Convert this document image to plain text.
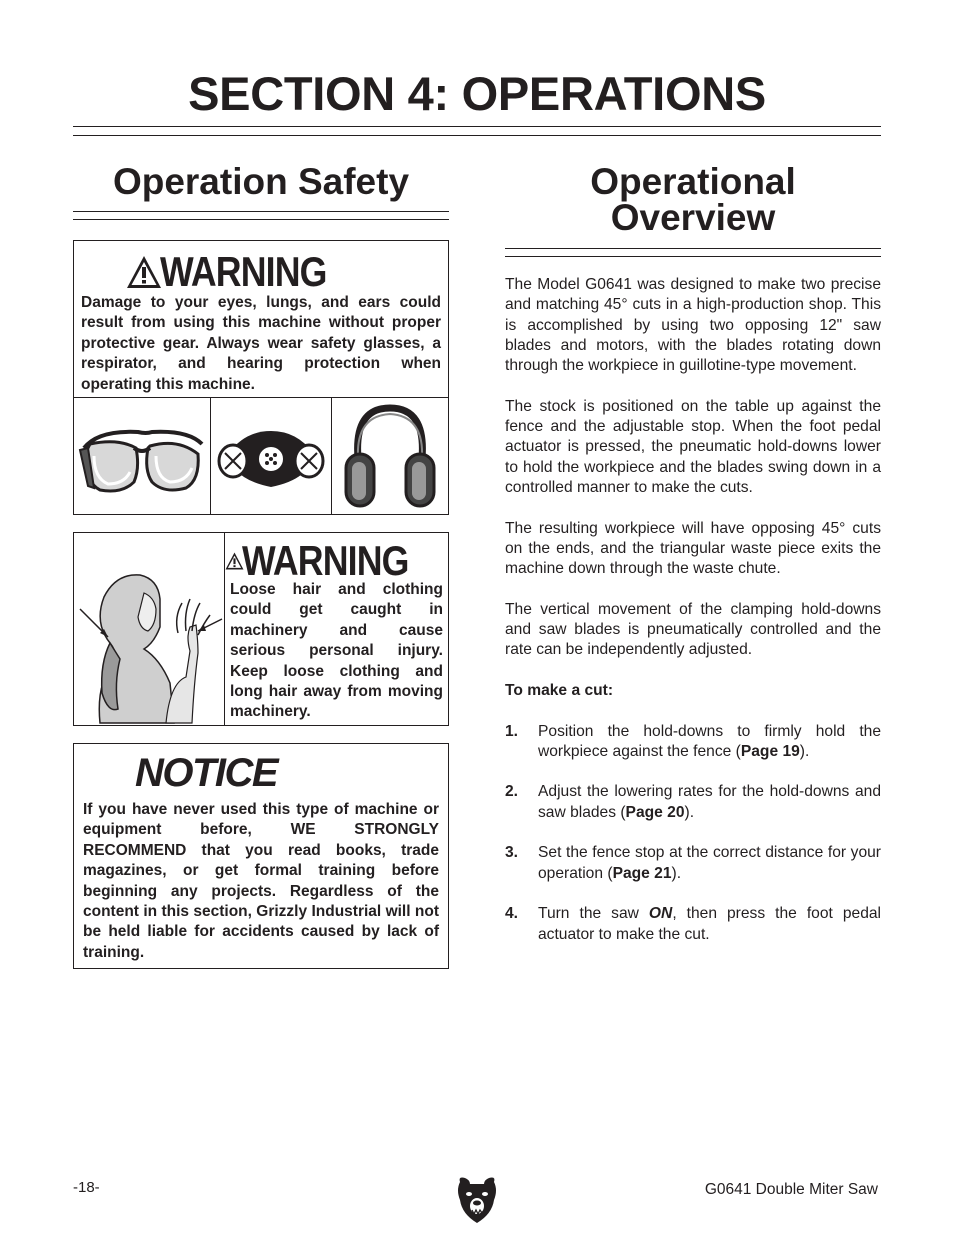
SECTION 4: OPERATIONS
Operation Safety	Operational
Overview
WARNING
Damage to your eyes, lungs, and ears could result from using this machine without proper protective gear. Always wear safety glasses, a respirator, and hearing protection when operating this machine.
WARNING
Loose hair and clothing could get caught in machinery and cause serious personal injury. Keep loose clothing and long hair away from moving machinery.
NOTICE
If you have never used this type of machine or equipment before, WE STRONGLY RECOMMEND that you read books, trade magazines, or get formal training before beginning any projects. Regardless of the content in this section, Grizzly Industrial will not be held liable for accidents caused by lack of training.

The Model G0641 was designed to make two precise and matching 45° cuts in a high-production shop. This is accomplished by using two opposing 12" saw blades and motors, with the blades rotating down through the workpiece in guillotine-type movement.

The stock is positioned on the table up against the fence and the adjustable stop. When the foot pedal actuator is pressed, the pneumatic hold-downs lower to hold the workpiece and the blades swing down in a controlled manner to make the cuts.

The resulting workpiece will have opposing 45° cuts on the ends, and the triangular waste piece exits the machine down through the waste chute.

The vertical movement of the clamping hold-downs and saw blades is pneumatically controlled and the rate can be independently adjusted.

To make a cut:

1.	Position the hold-downs to firmly hold the workpiece against the fence (Page 19).
2.	Adjust the lowering rates for the hold-downs and saw blades (Page 20).
3.	Set the fence stop at the correct distance for your operation (Page 21).
4.	Turn the saw ON, then press the foot pedal actuator to make the cut.
-18-	G0641 Double Miter Saw
